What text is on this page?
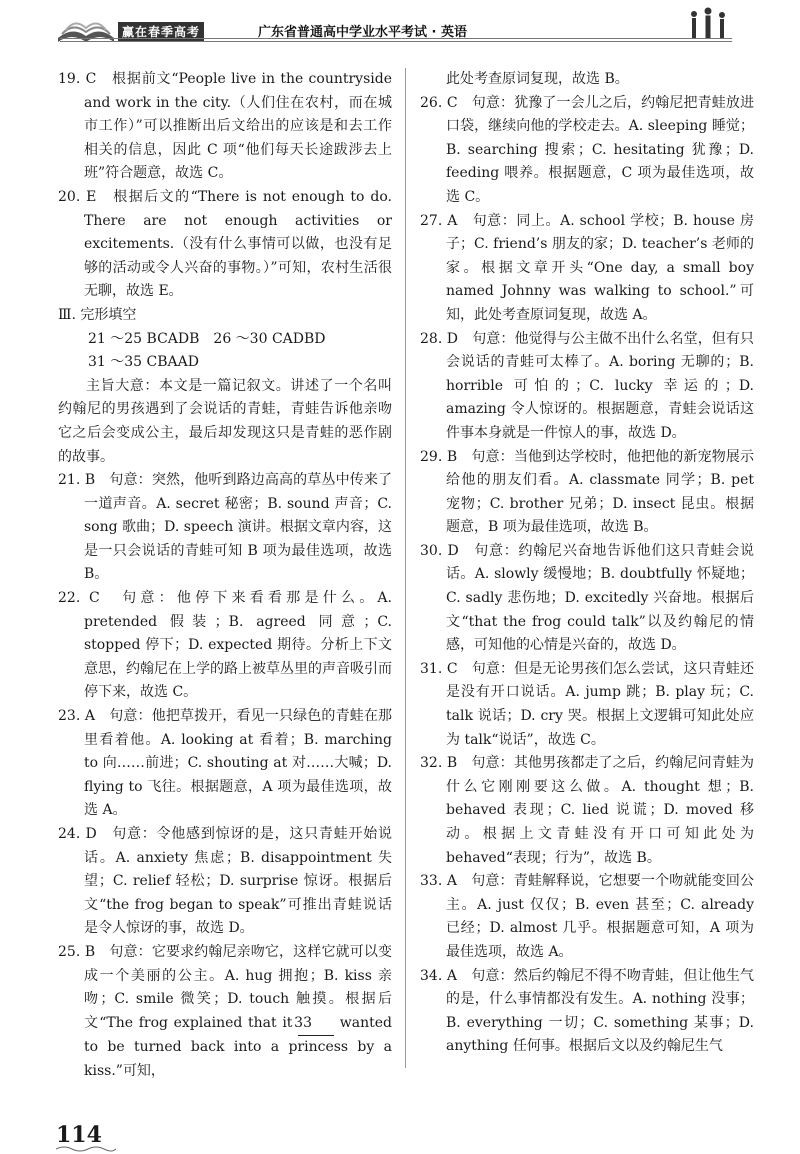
赢在春季高考	广东省普通高中学业水平考试 · 英语

19. C　根据前文“People live in the countryside and work in the city.（人们住在农村，而在城市工作）”可以推断出后文给出的应该是和去工作相关的信息，因此 C 项“他们每天长途跋涉去上班”符合题意，故选 C。

20. E　根据后文的“There is not enough to do. There are not enough activities or excitements.（没有什么事情可以做，也没有足够的活动或令人兴奋的事物。）”可知，农村生活很无聊，故选 E。

Ⅲ. 完形填空

21 ～25 BCADB　26 ～30 CADBD

31 ～35 CBAAD

主旨大意：本文是一篇记叙文。讲述了一个名叫约翰尼的男孩遇到了会说话的青蛙，青蛙告诉他亲吻它之后会变成公主，最后却发现这只是青蛙的恶作剧的故事。

21. B　句意：突然，他听到路边高高的草丛中传来了一道声音。A. secret 秘密；B. sound 声音；C. song 歌曲；D. speech 演讲。根据文章内容，这是一只会说话的青蛙可知 B 项为最佳选项，故选 B。

22. C　句意：他停下来看看那是什么。A. pretended 假装；B. agreed 同意；C. stopped 停下；D. expected 期待。分析上下文意思，约翰尼在上学的路上被草丛里的声音吸引而停下来，故选 C。

23. A　句意：他把草拨开，看见一只绿色的青蛙在那里看着他。A. looking at 看着；B. marching to 向……前进；C. shouting at 对……大喊；D. flying to 飞往。根据题意，A 项为最佳选项，故选 A。

24. D　句意：令他感到惊讶的是，这只青蛙开始说话。A. anxiety 焦虑；B. disappointment 失望；C. relief 轻松；D. surprise 惊讶。根据后文“the frog began to speak”可推出青蛙说话是令人惊讶的事，故选 D。

25. B　句意：它要求约翰尼亲吻它，这样它就可以变成一个美丽的公主。A. hug 拥抱；B. kiss 亲吻；C. smile 微笑；D. touch 触摸。根据后文“The frog explained that it 33 wanted to be turned back into a princess by a kiss.”可知，

此处考查原词复现，故选 B。

26. C　句意：犹豫了一会儿之后，约翰尼把青蛙放进口袋，继续向他的学校走去。A. sleeping 睡觉；B. searching 搜索；C. hesitating 犹豫；D. feeding 喂养。根据题意，C 项为最佳选项，故选 C。

27. A　句意：同上。A. school 学校；B. house 房子；C. friend’s 朋友的家；D. teacher’s 老师的家。根据文章开头“One day, a small boy named Johnny was walking to school.”可知，此处考查原词复现，故选 A。

28. D　句意：他觉得与公主做不出什么名堂，但有只会说话的青蛙可太棒了。A. boring 无聊的；B. horrible 可怕的；C. lucky 幸运的；D. amazing 令人惊讶的。根据题意，青蛙会说话这件事本身就是一件惊人的事，故选 D。

29. B　句意：当他到达学校时，他把他的新宠物展示给他的朋友们看。A. classmate 同学；B. pet 宠物；C. brother 兄弟；D. insect 昆虫。根据题意，B 项为最佳选项，故选 B。

30. D　句意：约翰尼兴奋地告诉他们这只青蛙会说话。A. slowly 缓慢地；B. doubtfully 怀疑地；C. sadly 悲伤地；D. excitedly 兴奋地。根据后文“that the frog could talk”以及约翰尼的情感，可知他的心情是兴奋的，故选 D。

31. C　句意：但是无论男孩们怎么尝试，这只青蛙还是没有开口说话。A. jump 跳；B. play 玩；C. talk 说话；D. cry 哭。根据上文逻辑可知此处应为 talk“说话”，故选 C。

32. B　句意：其他男孩都走了之后，约翰尼问青蛙为什么它刚刚要这么做。A. thought 想；B. behaved 表现；C. lied 说谎；D. moved 移动。根据上文青蛙没有开口可知此处为 behaved“表现；行为”，故选 B。

33. A　句意：青蛙解释说，它想要一个吻就能变回公主。A. just 仅仅；B. even 甚至；C. already 已经；D. almost 几乎。根据题意可知，A 项为最佳选项，故选 A。

34. A　句意：然后约翰尼不得不吻青蛙，但让他生气的是，什么事情都没有发生。A. nothing 没事；B. everything 一切；C. something 某事；D. anything 任何事。根据后文以及约翰尼生气

114
